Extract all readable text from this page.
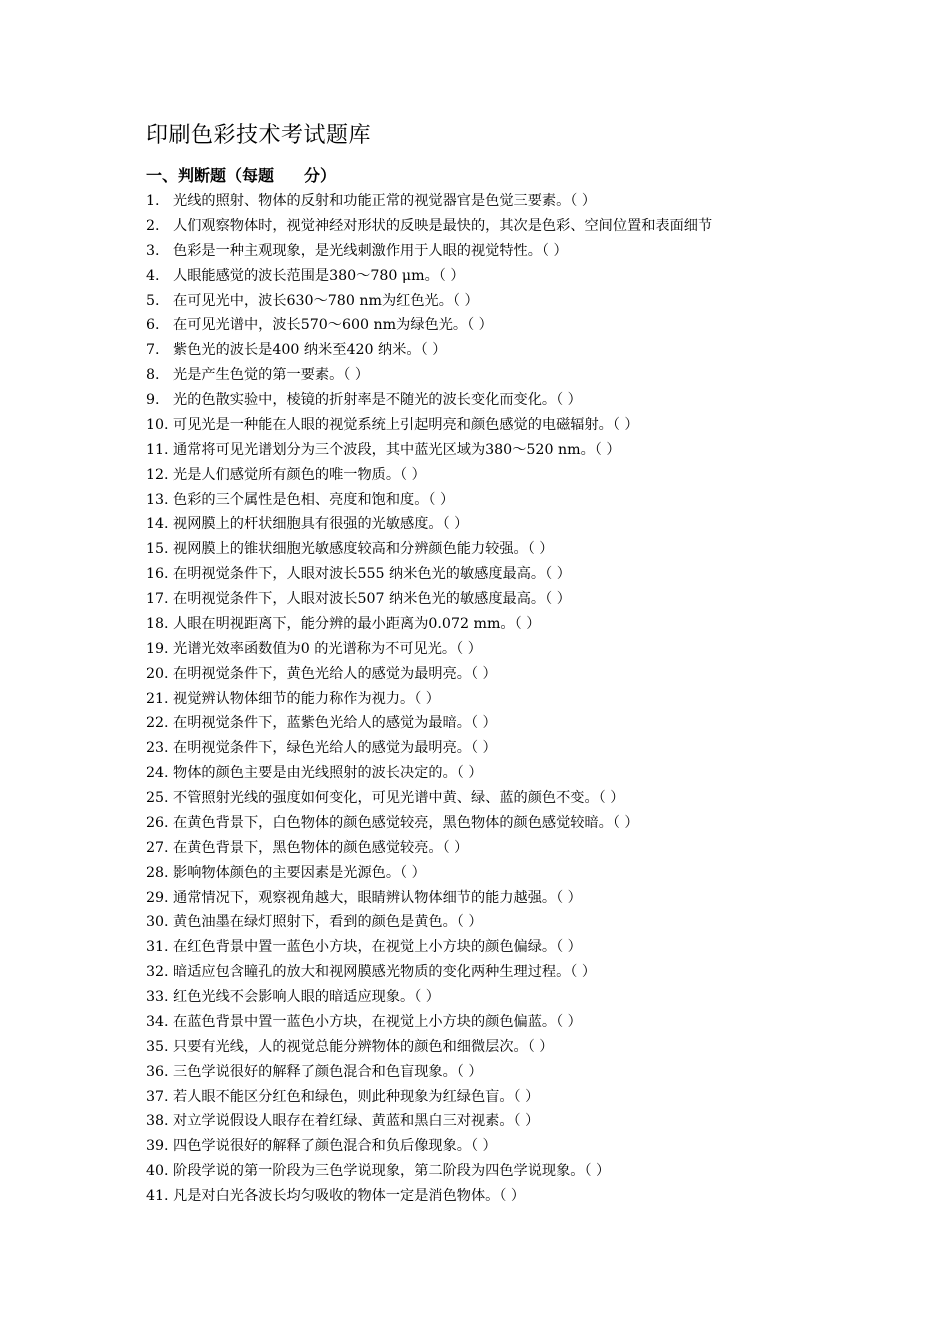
印刷色彩技术考试题库
一、判断题（每题 分）
1. 光线的照射、物体的反射和功能正常的视觉器官是色觉三要素。（ ）
2. 人们观察物体时，视觉神经对形状的反映是最快的，其次是色彩、空间位置和表面细节
3. 色彩是一种主观现象，是光线刺激作用于人眼的视觉特性。（ ）
4. 人眼能感觉的波长范围是380～780 μm。（ ）
5. 在可见光中，波长630～780 nm为红色光。（ ）
6. 在可见光谱中，波长570～600 nm为绿色光。（ ）
7. 紫色光的波长是400 纳米至420 纳米。（ ）
8. 光是产生色觉的第一要素。（ ）
9. 光的色散实验中，棱镜的折射率是不随光的波长变化而变化。（ ）
10. 可见光是一种能在人眼的视觉系统上引起明亮和颜色感觉的电磁辐射。（ ）
11. 通常将可见光谱划分为三个波段，其中蓝光区域为380～520 nm。（ ）
12. 光是人们感觉所有颜色的唯一物质。（ ）
13. 色彩的三个属性是色相、亮度和饱和度。（ ）
14. 视网膜上的杆状细胞具有很强的光敏感度。（ ）
15. 视网膜上的锥状细胞光敏感度较高和分辨颜色能力较强。（ ）
16. 在明视觉条件下，人眼对波长555 纳米色光的敏感度最高。（ ）
17. 在明视觉条件下，人眼对波长507 纳米色光的敏感度最高。（ ）
18. 人眼在明视距离下，能分辨的最小距离为0.072 mm。（ ）
19. 光谱光效率函数值为0 的光谱称为不可见光。（ ）
20. 在明视觉条件下，黄色光给人的感觉为最明亮。（ ）
21. 视觉辨认物体细节的能力称作为视力。（ ）
22. 在明视觉条件下，蓝紫色光给人的感觉为最暗。（ ）
23. 在明视觉条件下，绿色光给人的感觉为最明亮。（ ）
24. 物体的颜色主要是由光线照射的波长决定的。（ ）
25. 不管照射光线的强度如何变化，可见光谱中黄、绿、蓝的颜色不变。（ ）
26. 在黄色背景下，白色物体的颜色感觉较亮，黑色物体的颜色感觉较暗。（ ）
27. 在黄色背景下，黑色物体的颜色感觉较亮。（ ）
28. 影响物体颜色的主要因素是光源色。（ ）
29. 通常情况下，观察视角越大，眼睛辨认物体细节的能力越强。（ ）
30. 黄色油墨在绿灯照射下，看到的颜色是黄色。（ ）
31. 在红色背景中置一蓝色小方块，在视觉上小方块的颜色偏绿。（ ）
32. 暗适应包含瞳孔的放大和视网膜感光物质的变化两种生理过程。（ ）
33. 红色光线不会影响人眼的暗适应现象。（ ）
34. 在蓝色背景中置一蓝色小方块，在视觉上小方块的颜色偏蓝。（ ）
35. 只要有光线，人的视觉总能分辨物体的颜色和细微层次。（ ）
36. 三色学说很好的解释了颜色混合和色盲现象。（ ）
37. 若人眼不能区分红色和绿色，则此种现象为红绿色盲。（ ）
38. 对立学说假设人眼存在着红绿、黄蓝和黑白三对视素。（ ）
39. 四色学说很好的解释了颜色混合和负后像现象。（ ）
40. 阶段学说的第一阶段为三色学说现象，第二阶段为四色学说现象。（ ）
41. 凡是对白光各波长均匀吸收的物体一定是消色物体。（ ）
